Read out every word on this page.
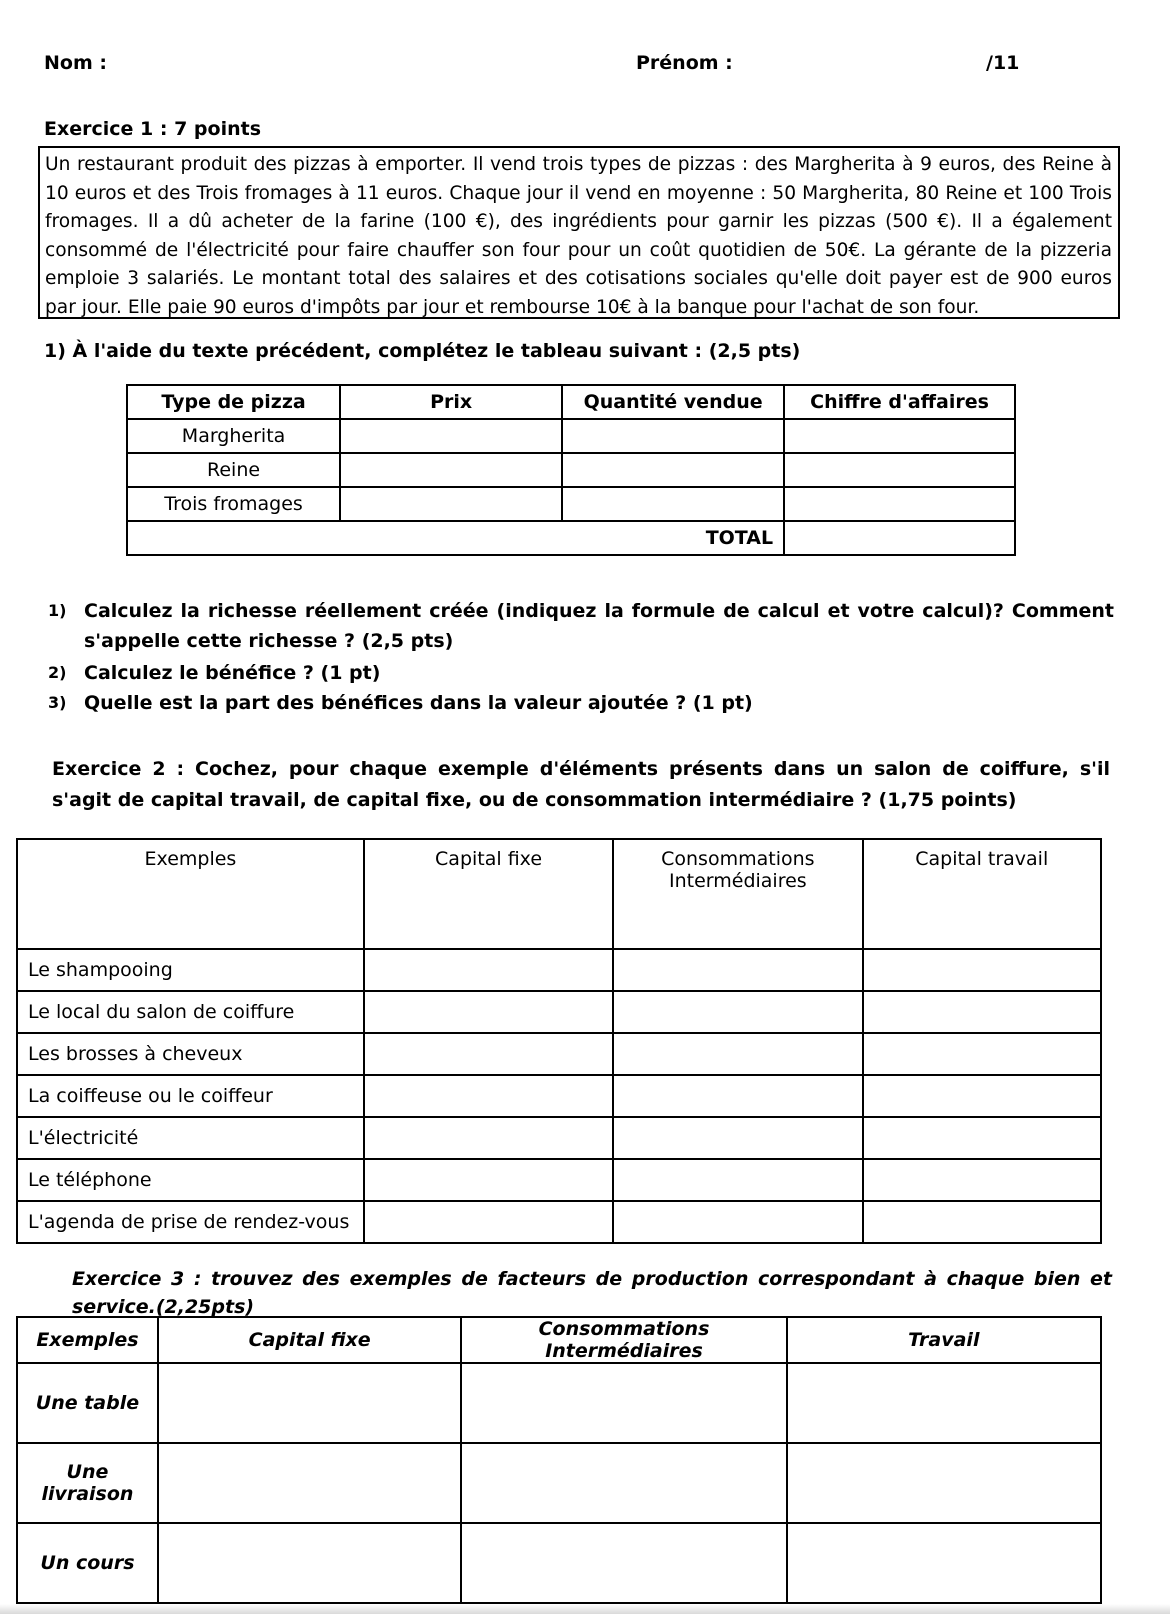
Nom :	Prénom :	/11
Exercice 1 : 7 points
Un restaurant produit des pizzas à emporter. Il vend trois types de pizzas : des Margherita à 9 euros, des Reine à 10 euros et des Trois fromages à 11 euros. Chaque jour il vend en moyenne : 50 Margherita, 80 Reine et 100 Trois fromages. Il a dû acheter de la farine (100 €), des ingrédients pour garnir les pizzas (500 €). Il a également consommé de l'électricité pour faire chauffer son four pour un coût quotidien de 50€. La gérante de la pizzeria emploie 3 salariés. Le montant total des salaires et des cotisations sociales qu'elle doit payer est de 900 euros par jour. Elle paie 90 euros d'impôts par jour et rembourse 10€ à la banque pour l'achat de son four.
1) À l'aide du texte précédent, complétez le tableau suivant : (2,5 pts)
Type de pizza	Prix	Quantité vendue	Chiffre d'affaires
Margherita			
Reine			
Trois fromages			
TOTAL			
1) Calculez la richesse réellement créée (indiquez la formule de calcul et votre calcul)? Comment s'appelle cette richesse ? (2,5 pts)
2) Calculez le bénéfice ? (1 pt)
3) Quelle est la part des bénéfices dans la valeur ajoutée ? (1 pt)
Exercice 2 : Cochez, pour chaque exemple d'éléments présents dans un salon de coiffure, s'il s'agit de capital travail, de capital fixe, ou de consommation intermédiaire ? (1,75 points)
Exemples	Capital fixe	Consommations Intermédiaires	Capital travail
Le shampooing			
Le local du salon de coiffure			
Les brosses à cheveux			
La coiffeuse ou le coiffeur			
L'électricité			
Le téléphone			
L'agenda de prise de rendez-vous			
Exercice 3 : trouvez des exemples de facteurs de production correspondant à chaque bien et service.(2,25pts)
Exemples	Capital fixe	Consommations Intermédiaires	Travail
Une table			
Une livraison			
Un cours			
